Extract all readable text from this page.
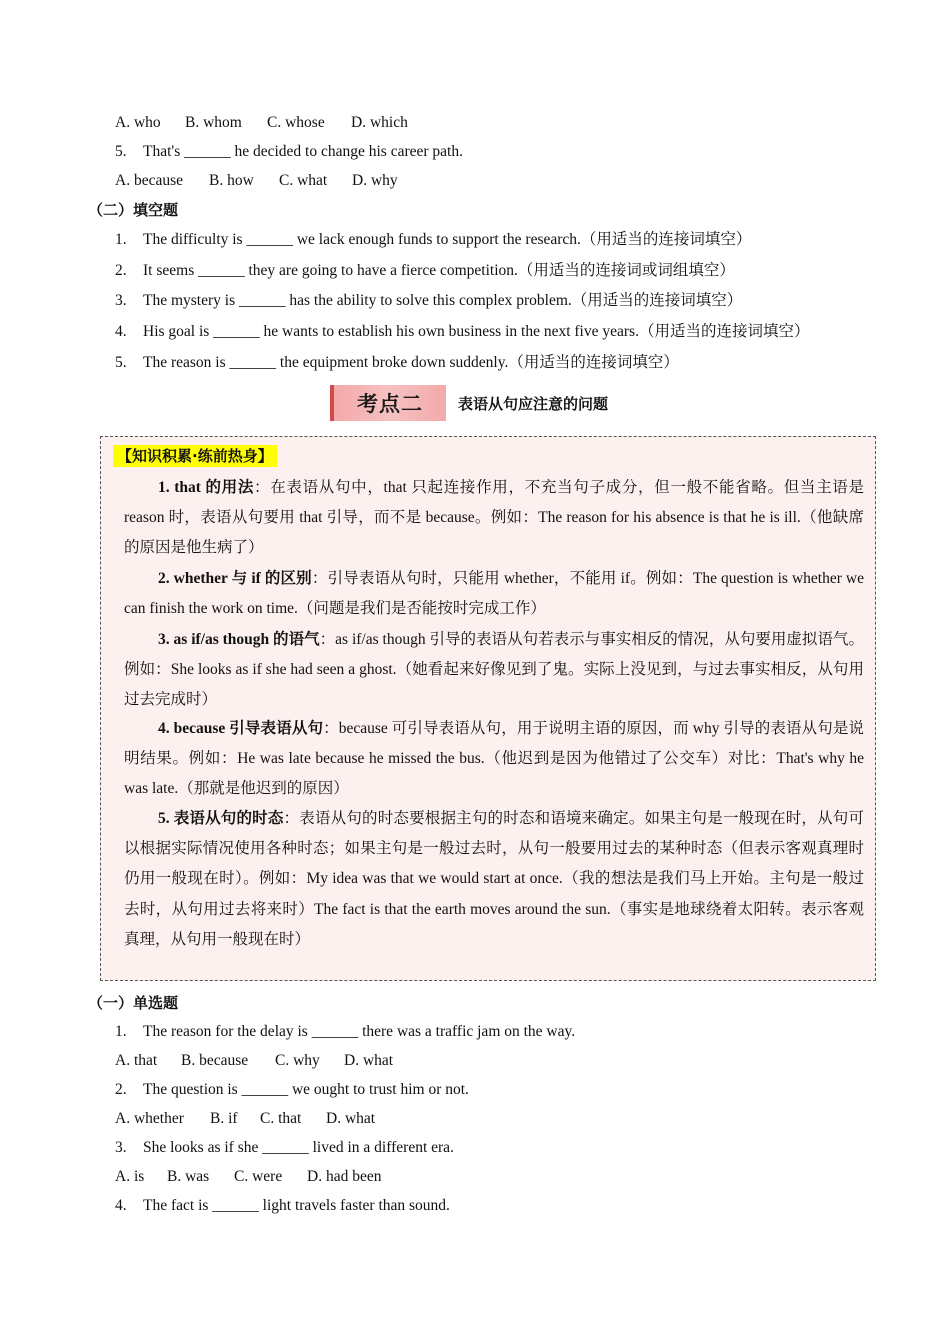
A. who B. whom C. whose D. which
5. That's ______ he decided to change his career path.
A. because B. how C. what D. why
（二）填空题
1. The difficulty is ______ we lack enough funds to support the research.（用适当的连接词填空）
2. It seems ______ they are going to have a fierce competition.（用适当的连接词或词组填空）
3. The mystery is ______ has the ability to solve this complex problem.（用适当的连接词填空）
4. His goal is ______ he wants to establish his own business in the next five years.（用适当的连接词填空）
5. The reason is ______ the equipment broke down suddenly.（用适当的连接词填空）
考点二	表语从句应注意的问题
【知识积累·练前热身】

1. that 的用法：在表语从句中，that 只起连接作用，不充当句子成分，但一般不能省略。但当主语是 reason 时，表语从句要用 that 引导，而不是 because。例如：The reason for his absence is that he is ill.（他缺席的原因是他生病了）

2. whether 与 if 的区别：引导表语从句时，只能用 whether，不能用 if。例如：The question is whether we can finish the work on time.（问题是我们是否能按时完成工作）

3. as if/as though 的语气：as if/as though 引导的表语从句若表示与事实相反的情况，从句要用虚拟语气。例如：She looks as if she had seen a ghost.（她看起来好像见到了鬼。实际上没见到，与过去事实相反，从句用过去完成时）

4. because 引导表语从句：because 可引导表语从句，用于说明主语的原因，而 why 引导的表语从句是说明结果。例如：He was late because he missed the bus.（他迟到是因为他错过了公交车）对比：That's why he was late.（那就是他迟到的原因）

5. 表语从句的时态：表语从句的时态要根据主句的时态和语境来确定。如果主句是一般现在时，从句可以根据实际情况使用各种时态；如果主句是一般过去时，从句一般要用过去的某种时态（但表示客观真理时仍用一般现在时）。例如：My idea was that we would start at once.（我的想法是我们马上开始。主句是一般过去时，从句用过去将来时）The fact is that the earth moves around the sun.（事实是地球绕着太阳转。表示客观真理，从句用一般现在时）

（一）单选题
1. The reason for the delay is ______ there was a traffic jam on the way.
A. that B. because C. why D. what
2. The question is ______ we ought to trust him or not.
A. whether B. if C. that D. what
3. She looks as if she ______ lived in a different era.
A. is B. was C. were D. had been
4. The fact is ______ light travels faster than sound.
